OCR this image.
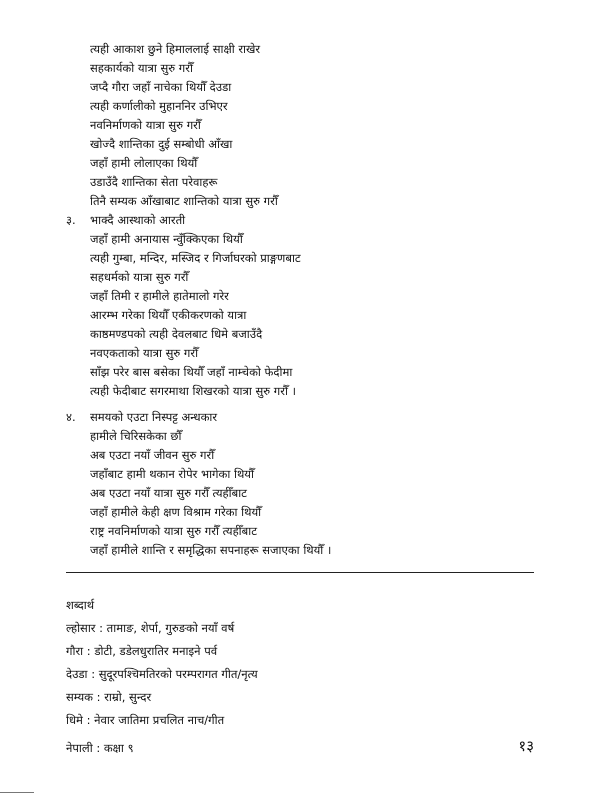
त्यही आकाश छुने हिमाललाई साक्षी राखेर
सहकार्यको यात्रा सुरु गरौँ
जप्दै गौरा जहाँ नाचेका थियौँ देउडा
त्यही कर्णालीको मुहाननिर उभिएर
नवनिर्माणको यात्रा सुरु गरौँ
खोज्दै शान्तिका दुई सम्बोधी आँखा
जहाँ हामी लोलाएका थियौँ
उडाउँदै शान्तिका सेता परेवाहरू
तिनै सम्यक आँखाबाट शान्तिको यात्रा सुरु गरौँ
३. भाक्दै आस्थाको आरती
जहाँ हामी अनायास न्वुँक्किएका थियौँ
त्यही गुम्बा, मन्दिर, मस्जिद र गिर्जाघरको प्राङ्गणबाट
सहधर्मको यात्रा सुरु गरौँ
जहाँ तिमी र हामीले हातेमालो गरेर
आरम्भ गरेका थियौँ एकीकरणको यात्रा
काष्ठमण्डपको त्यही देवलबाट धिमे बजाउँदै
नवएकताको यात्रा सुरु गरौँ
साँझ परेर बास बसेका थियौँ जहाँ नाम्चेको फेदीमा
त्यही फेदीबाट सगरमाथा शिखरको यात्रा सुरु गरौँ ।
४. समयको एउटा निस्पट्ट अन्धकार
हामीले चिरिसकेका छौँ
अब एउटा नयाँ जीवन सुरु गरौँ
जहाँबाट हामी थकान रोपेर भागेका थियौँ
अब एउटा नयाँ यात्रा सुरु गरौँ त्यहीँबाट
जहाँ हामीले केही क्षण विश्राम गरेका थियौँ
राष्ट्र नवनिर्माणको यात्रा सुरु गरौँ त्यहीँबाट
जहाँ हामीले शान्ति र समृद्धिका सपनाहरू सजाएका थियौँ ।
शब्दार्थ
ल्होसार : तामाङ, शेर्पा, गुरुङको नयाँ वर्ष
गौरा : डोटी, डडेलधुरातिर मनाइने पर्व
देउडा : सुदूरपश्चिमतिरको परम्परागत गीत/नृत्य
सम्यक : राम्रो, सुन्दर
धिमे : नेवार जातिमा प्रचलित नाच/गीत
नेपाली : कक्षा ९	१३
